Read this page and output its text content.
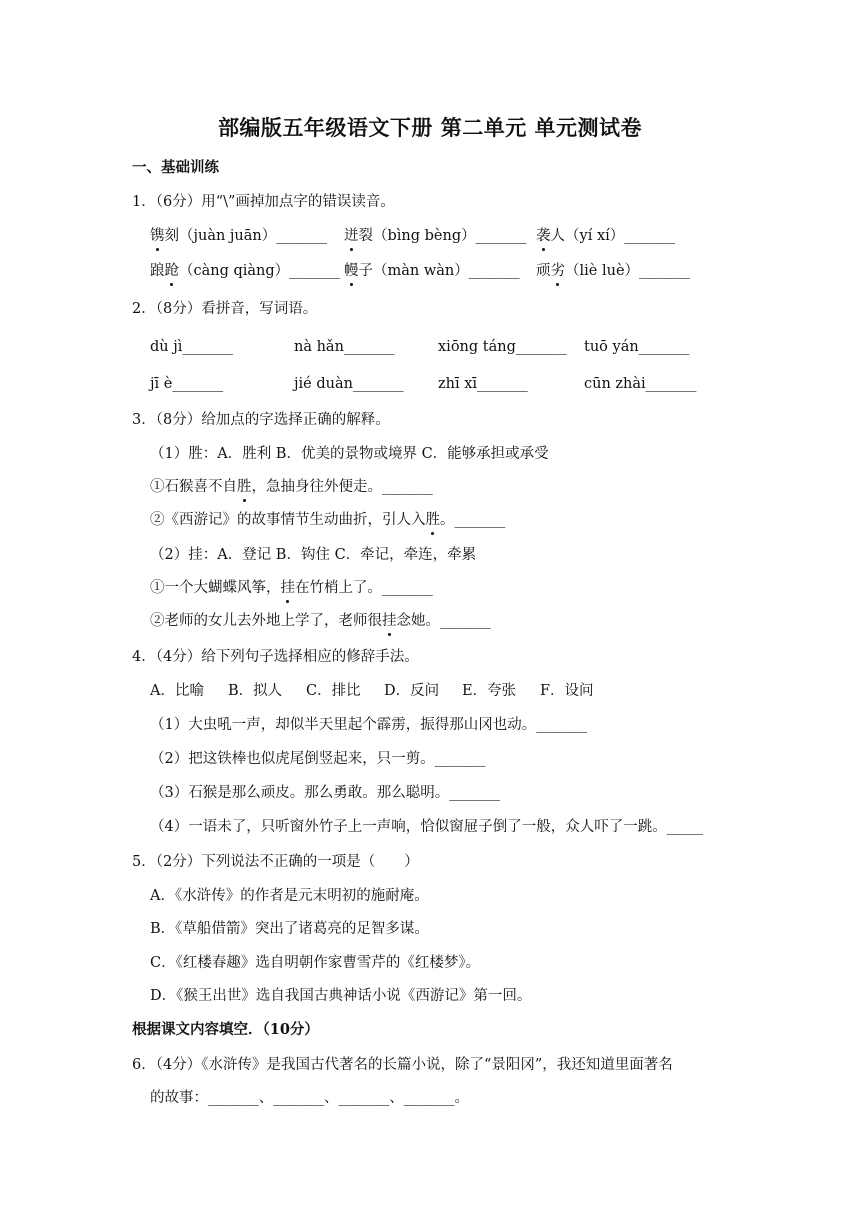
部编版五年级语文下册 第二单元 单元测试卷
一、基础训练
1．（6分）用“\”画掉加点字的错误读音。
镌刻（juàn juān）_______ 迸裂（bìng bèng）_______ 袭人（yí xí）_______
踉跄（càng qiàng）_______ 幔子（màn wàn）_______ 顽劣（liè luè）_______
2．（8分）看拼音，写词语。
dù jì_______	nà hǎn_______	xiōng táng_______ tuō yán_______
jī è_______	jié duàn_______ zhī xī_______	cūn zhài_______
3．（8分）给加点的字选择正确的解释。
（1）胜：A．胜利 B．优美的景物或境界 C．能够承担或承受
①石猴喜不自胜，急抽身往外便走。_______
②《西游记》的故事情节生动曲折，引人入胜。_______
（2）挂：A．登记 B．钩住 C．牵记，牵连，牵累
①一个大蝴蝶风筝，挂在竹梢上了。_______
②老师的女儿去外地上学了，老师很挂念她。_______
4．（4分）给下列句子选择相应的修辞手法。
A．比喻 B．拟人 C．排比 D．反问 E．夸张 F．设问
（1）大虫吼一声，却似半天里起个霹雳，振得那山冈也动。_______
（2）把这铁棒也似虎尾倒竖起来，只一剪。_______
（3）石猴是那么顽皮。那么勇敢。那么聪明。_______
（4）一语未了，只听窗外竹子上一声响，恰似窗屉子倒了一般，众人吓了一跳。_____
5．（2分）下列说法不正确的一项是（　　）
A．《水浒传》的作者是元末明初的施耐庵。
B．《草船借箭》突出了诸葛亮的足智多谋。
C．《红楼春趣》选自明朝作家曹雪芹的《红楼梦》。
D．《猴王出世》选自我国古典神话小说《西游记》第一回。
根据课文内容填空．（10分）
6．（4分）《水浒传》是我国古代著名的长篇小说，除了“景阳冈”，我还知道里面著名
的故事：_______、_______、_______、_______。
